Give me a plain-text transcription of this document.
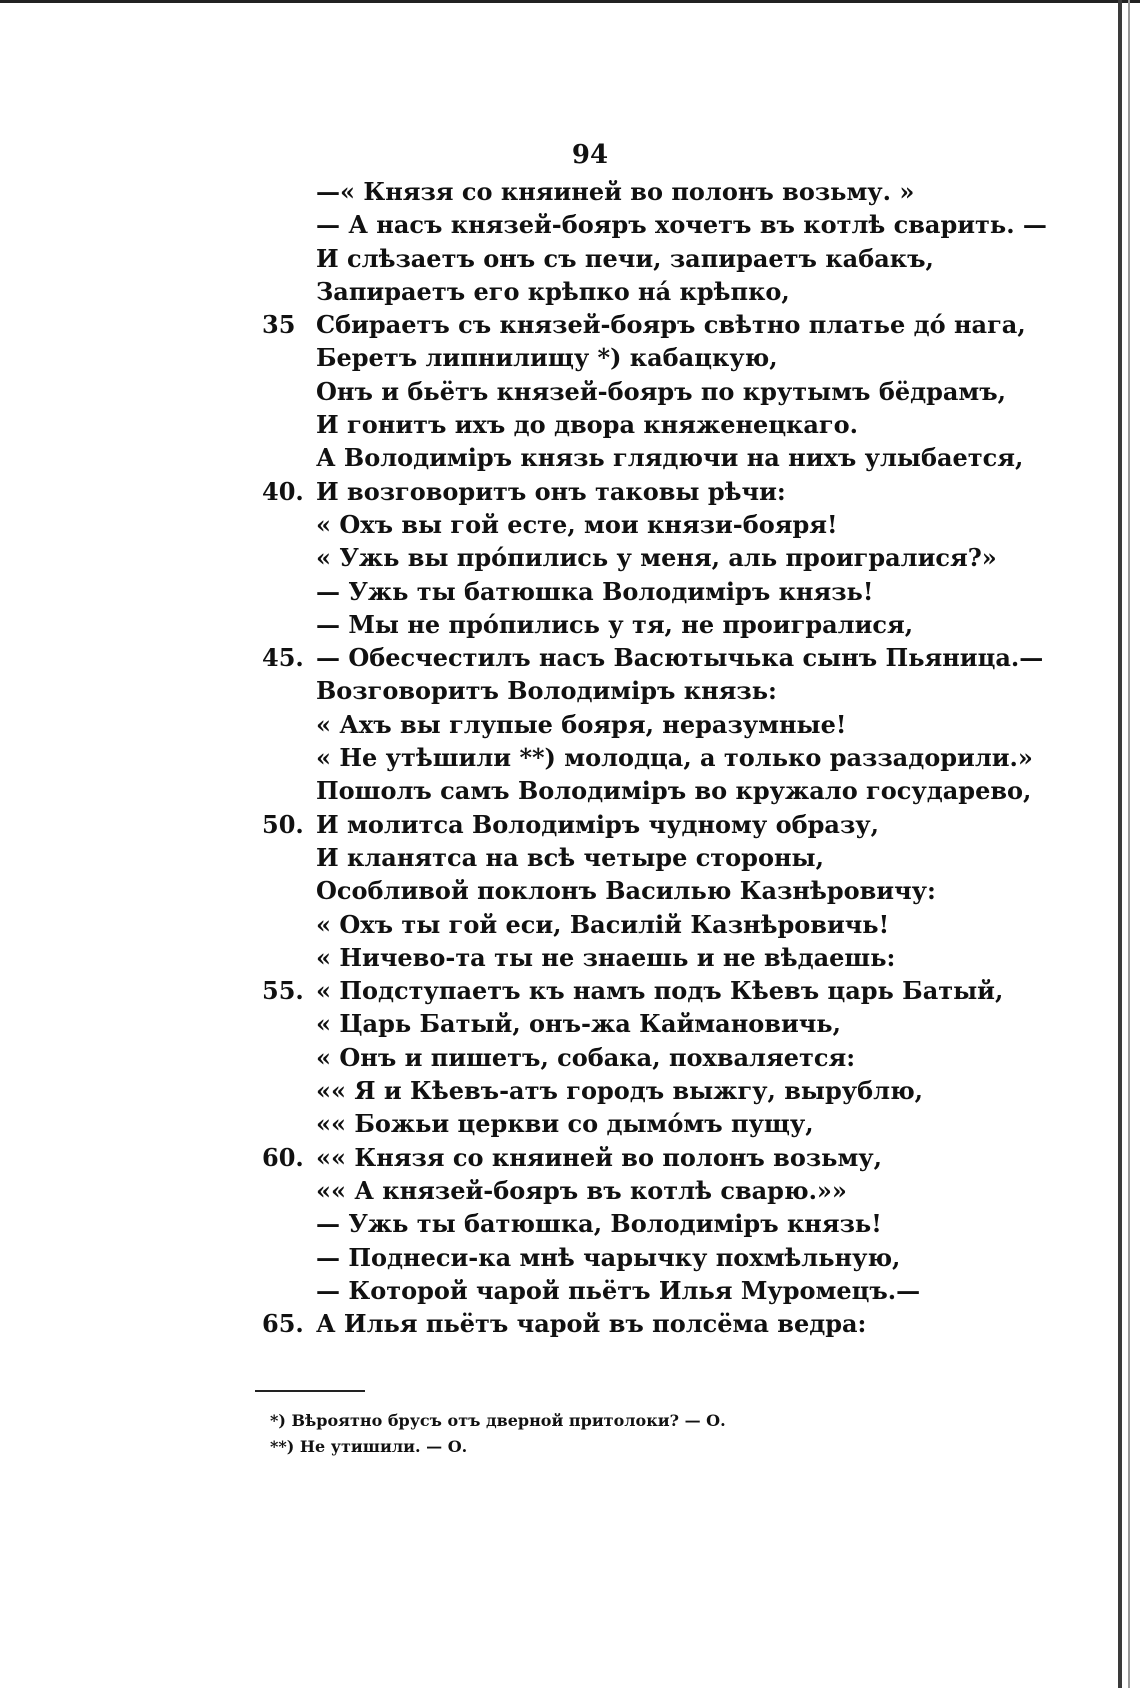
94
—« Князя со княиней во полонъ возьму. »
— А насъ князей-бояръ хочетъ въ котлѣ сварить. —
И слѣзаетъ онъ съ печи, запираетъ кабакъ,
Запираетъ его крѣпко на́ крѣпко,
35 Сбираетъ съ князей-бояръ свѣтно платье до́ нага,
Беретъ липнилищу *) кабацкую,
Онъ и бьётъ князей-бояръ по крутымъ бёдрамъ,
И гонитъ ихъ до двора княженецкаго.
А Володиміръ князь глядючи на нихъ улыбается,
40. И возговоритъ онъ таковы рѣчи:
« Охъ вы гой есте, мои князи-бояря!
« Ужь вы про́пились у меня, аль проигралися?»
— Ужь ты батюшка Володиміръ князь!
— Мы не про́пились у тя, не проигралися,
45. — Обесчестилъ насъ Васютычька сынъ Пьяница.—
Возговоритъ Володиміръ князь:
« Ахъ вы глупые бояря, неразумные!
« Не утѣшили **) молодца, а только раззадорили.»
Пошолъ самъ Володиміръ во кружало государево,
50. И молитса Володиміръ чудному образу,
И кланятса на всѣ четыре стороны,
Особливой поклонъ Василью Казнѣровичу:
« Охъ ты гой еси, Василій Казнѣровичь!
« Ничево-та ты не знаешь и не вѣдаешь:
55. « Подступаетъ къ намъ подъ Кѣевъ царь Батый,
« Царь Батый, онъ-жа Каймановичь,
« Онъ и пишетъ, собака, похваляется:
«« Я и Кѣевъ-атъ городъ выжгу, вырублю,
«« Божьи церкви со дымо́мъ пущу,
60. «« Князя со княиней во полонъ возьму,
«« А князей-бояръ въ котлѣ сварю.»»
— Ужь ты батюшка, Володиміръ князь!
— Поднеси-ка мнѣ чарычку похмѣльную,
— Которой чарой пьётъ Илья Муромецъ.—
65. А Илья пьётъ чарой въ полсёма ведра:
*) Вѣроятно брусъ отъ дверной притолоки? — О.
**) Не утишили. — О.
